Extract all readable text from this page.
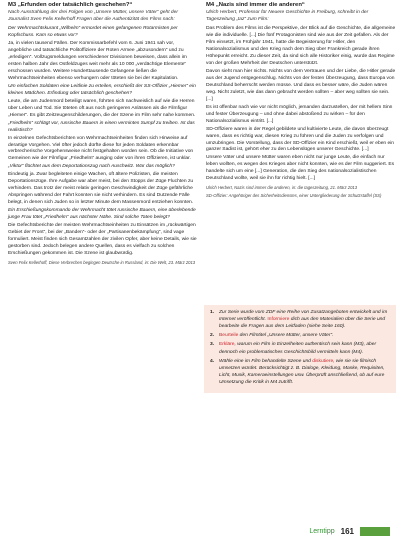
M3 „Erfunden oder tatsächlich geschehen?“
Nach Ausstrahlung der drei Folgen von „Unsere Mütter, unsere Väter“ geht der Journalist Sven Felix Kellerhoff Fragen über die Authentizität des Films nach:

Der Wehrmachtskurant „Wilhelm“ ermordet einen gefangenen Rotarmisten per Kopfschuss. Kam so etwas vor?

Ja, in vielen tausend Fällen. Der Kommissarbefehl vom 6. Juni 1941 sah vor, angebliche und tatsächliche Politoffiziere der Roten Armee „abzusondern“ und zu „erledigen“. Vollzugsmeldungen verschiedener Divisionen beweisen, dass allein im ersten halben Jahr des Ostfeldzuges weit mehr als 10 000 „verdächtige Elemente“ erschossen wurden. Weitere Hunderttausende Gefangene ließen die Wehrmachtseinheiten ebenso verhungern oder töteten sie bei der Kapitulation.

Um einfachen Soldaten eine Leitlinie zu erteilen, erschießt der SS-Offizier „Hiemer“ ein kleines Mädchen. Erfindung oder tatsächlich geschehen?

Leute, die am Judenmord beteiligt waren, führten sich nachweislich auf wie die Herren über Leben und Tod. Sie töteten oft aus noch geringeren Anlässen als die Filmfigur „Hiemer“. Es gibt Zeitzeugenschilderungen, die der Szene im Film sehr nahe kommen.

„Friedhelm“ schlägt vor, russische Bauern in einen vermintes Sumpf zu treiben. Ist das realistisch?

In einzelnen Gefechtsberichten von Wehrmachtseinheiten finden sich Hinweise auf derartige Vorgehen. Viel öfter jedoch dürfte diese für jeden Soldaten erkennbar verbrecherische Vorgehensweise nicht festgehalten worden sein. Ob die Initiative von Gemeinen wie der Filmfigur „Friedhelm“ ausging oder von ihren Offizieren, ist unklar.

„Viktor“ flüchtet aus dem Deportationszug nach Auschwitz. War das möglich?

Eindeutig ja. Zwar begleiteten einige Wachen, oft ältere Polizisten, die meisten Deportationszüge. Ihre Aufgabe war aber meist, bei den Stopps der Züge Fluchten zu verhindern. Das trotz der meist relativ geringen Geschwindigkeit der Züge gefährliche Abspringen während der Fahrt konnten sie nicht verhindern. Es sind Dutzende Fälle belegt, in denen sich Juden so in letzter Minute dem Massenmord entziehen konnten.

Ein Erschießungskommando der Wehrmacht tötet russische Bauern, eine überlebende junge Frau tötet „Friedhelm“ aus nächster Nähe. Sind solche Taten belegt?

Die Gefechtsberichte der meisten Wehrmachtseinheiten zu Einsätzen im „rückwärtigen Gebiet der Front“, bei der „Banden“- oder der „Partisanenbekämpfung“, sind vage formuliert. Meist finden sich Gesamtzahlen der zivilen Opfer, aber keine Details, wie sie gestorben sind. Jedoch belegen andere Quellen, dass es vielfach zu solchen Erschießungen gekommen ist. Die Szene ist glaubwürdig.

Sven Felix Kellerhoff, Diese Verbrechen begingen Deutsche in Russland, in: Die Welt, 23. März 2013
M4 „Nazis sind immer die anderen“
Ulrich Herbert, Professor für Neuere Geschichte in Freiburg, schreibt in der Tageszeitung „taz“ zum Film:

Das Problem des Films ist die Perspektive, der Blick auf die Geschichte, die allgemeine wie die individuelle. [...] Die fünf Protagonisten sind wie aus der Zeit gefallen. Als der Film einsetzt, im Frühjahr 1941, hatte die Begeisterung für Hitler, den Nationalsozialismus und den Krieg nach dem Sieg über Frankreich gerade ihren Höhepunkt erreicht. Zu dieser Zeit, da sind sich alle Historiker einig, wurde das Regime von der großen Mehrheit der Deutschen unterstützt.

Davon sieht man hier nichts. Nichts von dem Vertrauen und der Liebe, die Hitler gerade aus der Jugend entgegenschlug. Nichts von der festen Überzeugung, dass Europa von Deutschland beherrscht werden müsse. Und dass es besser wäre, die Juden wären weg. Nicht zuletzt, wie das dann gebracht werden sollten – aber weg sollten sie sein. [...]

Es ist offenbar nach wie vor nicht möglich, jemanden darzustellen, der mit hellem Sinn und fester Überzeugung – und ohne dabei abstoßend zu wirken – für den Nationalsozialismus eintritt. [...]

SD-Offiziere waren in der Regel gebildete und kultivierte Leute, die davon überzeugt waren, dass es richtig war, diesen Krieg zu führen und die Juden zu verfolgen und umzubringen. Die Vorstellung, dass der SD-Offizier ein Kind erschießt, weil er eben ein ganzer Sadist ist, gehört eher zu den Lebenslügen unserer Geschichte. [...]

Unsere Väter und unsere Mütter waren eben nicht nur junge Leute, die einfach nur leben wollten, es wegen des Krieges aber nicht konnten, wie es der Film suggeriert. Es handelte sich um eine [...] Generation, die den Sieg des nationalsozialistischen Deutschland wollte, weil sie ihn für richtig hielt. [...]

Ulrich Herbert, Nazis sind immer die anderen, in: die tageszeitung, 21. März 2013
SD-Offizier: Angehöriger des Sicherheitsdienstes, einer Untergliederung der Schutzstaffel (SS)
1.	Zur Serie wurde vom ZDF eine Reihe von Zusatzangeboten entwickelt und im Internet veröffentlicht. Informiere dich aus den Materialien über die Serie und bearbeite die Fragen aus dem Leitfaden (siehe Seite 160).
2.	Beurteile den Filmtitel „Unsere Mütter, unsere Väter“.
3.	Erkläre, warum ein Film in Einzelheiten authentisch sein kann (M3), aber dennoch ein problematisches Geschichtsbild vermitteln kann (M4).
4.	Wähle eine im Film behandelte Szene und diskutiere, wie sie sie filmisch umsetzen würdet. Berücksichtigt z. B. Dialoge, Kleidung, Maske, Requisiten, Licht, Musik, Kameraeinstellungen usw. Überprüft anschließend, ob auf eure Umsetzung die Kritik in M4 zutrifft.
Lerntipp 161
